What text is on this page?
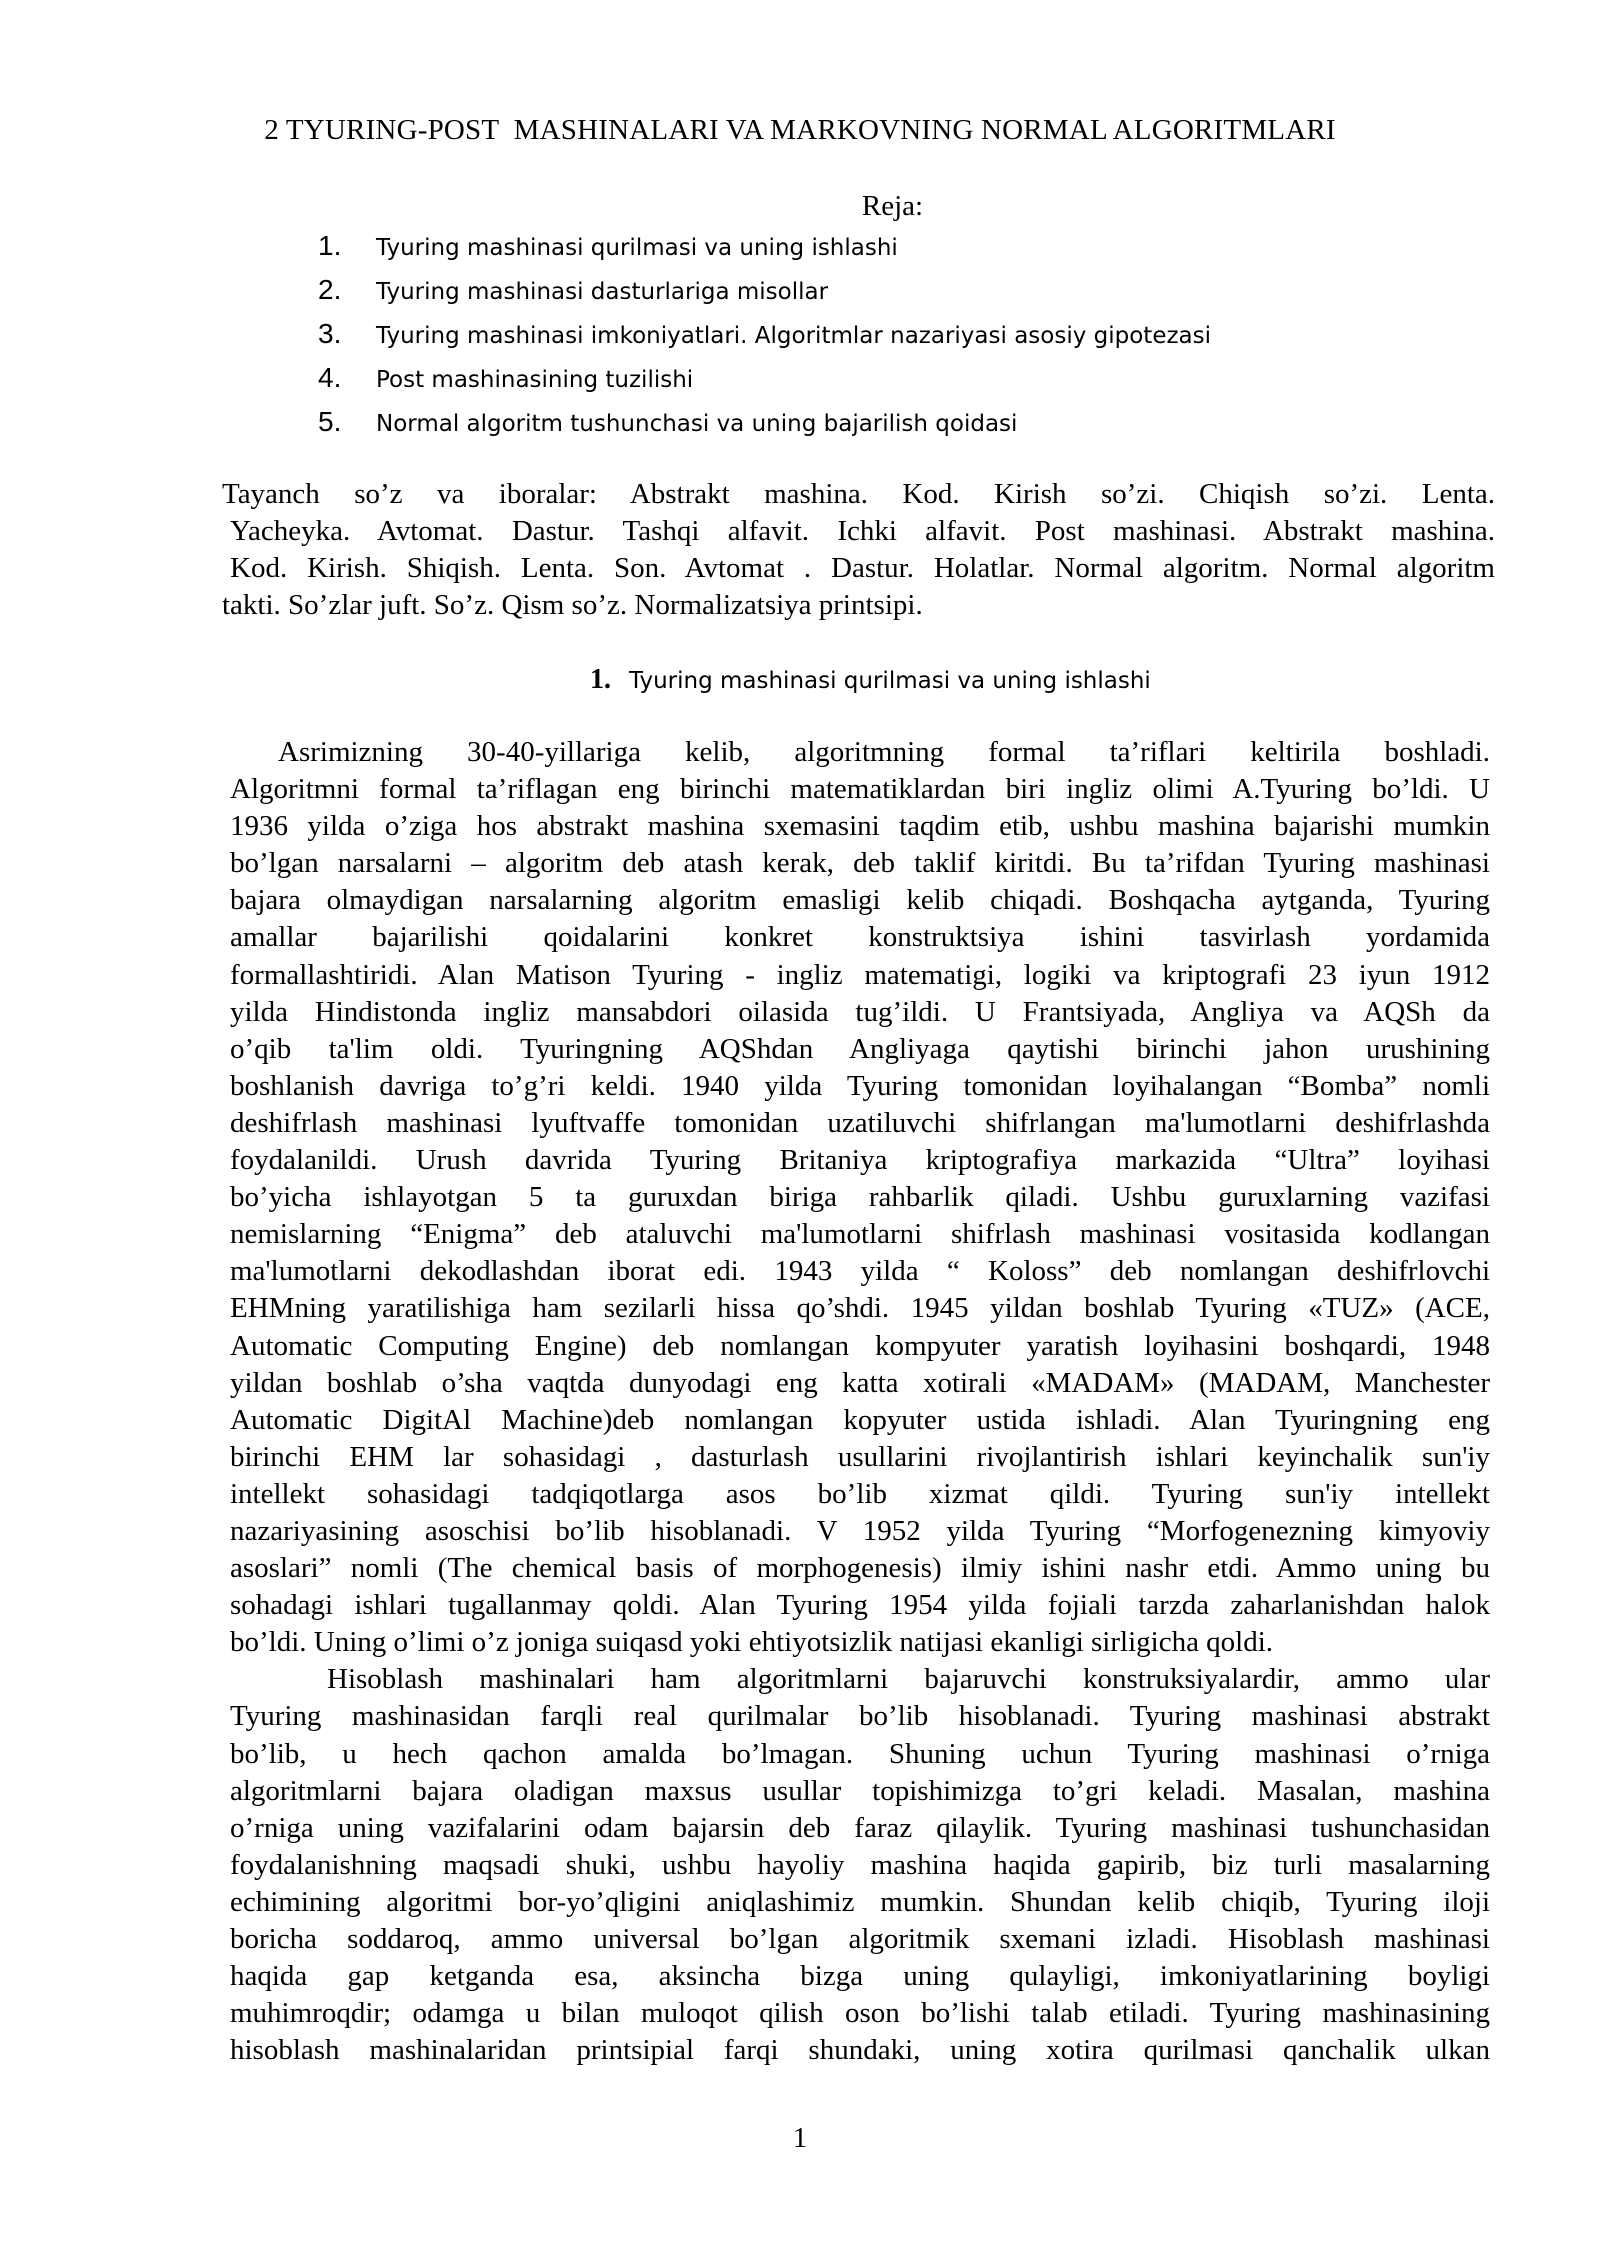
2 TYURING-POST  MASHINALARI VA MARKOVNING NORMAL ALGORITMLARI
Reja:
1. Tyuring mashinasi qurilmasi va uning ishlashi
2. Tyuring mashinasi dasturlariga misollar
3. Tyuring mashinasi imkoniyatlari. Algoritmlar nazariyasi asosiy gipotezasi
4. Post mashinasining tuzilishi
5. Normal algoritm tushunchasi va uning bajarilish qoidasi
Tayanch so’z va iboralar: Abstrakt mashina. Kod. Kirish so’zi. Chiqish so’zi. Lenta.
Yacheyka. Avtomat. Dastur. Tashqi alfavit. Ichki alfavit. Post mashinasi. Abstrakt mashina.
Kod. Kirish. Shiqish. Lenta. Son. Avtomat . Dastur. Holatlar. Normal algoritm. Normal algoritm
takti. So’zlar juft. So’z. Qism so’z. Normalizatsiya printsipi.
1. Tyuring mashinasi qurilmasi va uning ishlashi
Asrimizning 30-40-yillariga kelib, algoritmning formal ta’riflari keltirila boshladi.
Algoritmni formal ta’riflagan eng birinchi matematiklardan biri ingliz olimi A.Tyuring bo’ldi. U
1936 yilda o’ziga hos abstrakt mashina sxemasini taqdim etib, ushbu mashina bajarishi mumkin
bo’lgan narsalarni – algoritm deb atash kerak, deb taklif kiritdi. Bu ta’rifdan Tyuring mashinasi
bajara olmaydigan narsalarning algoritm emasligi kelib chiqadi. Boshqacha aytganda, Tyuring
amallar bajarilishi qoidalarini konkret konstruktsiya ishini tasvirlash yordamida
formallashtiridi. Alan Matison Tyuring - ingliz matematigi, logiki va kriptografi 23 iyun 1912
yilda Hindistonda ingliz mansabdori oilasida tug’ildi. U Frantsiyada, Angliya va AQSh da
o’qib ta'lim oldi. Tyuringning AQShdan Angliyaga qaytishi birinchi jahon urushining
boshlanish davriga to’g’ri keldi. 1940 yilda Tyuring tomonidan loyihalangan “Bomba” nomli
deshifrlash mashinasi lyuftvaffe tomonidan uzatiluvchi shifrlangan ma'lumotlarni deshifrlashda
foydalanildi. Urush davrida Tyuring Britaniya kriptografiya markazida “Ultra” loyihasi
bo’yicha ishlayotgan 5 ta guruxdan biriga rahbarlik qiladi. Ushbu guruxlarning vazifasi
nemislarning “Enigma” deb ataluvchi ma'lumotlarni shifrlash mashinasi vositasida kodlangan
ma'lumotlarni dekodlashdan iborat edi. 1943 yilda “ Koloss” deb nomlangan deshifrlovchi
EHMning yaratilishiga ham sezilarli hissa qo’shdi. 1945 yildan boshlab Tyuring «TUZ» (ACE,
Automatic Computing Engine) deb nomlangan kompyuter yaratish loyihasini boshqardi, 1948
yildan boshlab o’sha vaqtda dunyodagi eng katta xotirali «MADAM» (MADAM, Manchester
Automatic DigitAl Machine)deb nomlangan kopyuter ustida ishladi. Alan Tyuringning eng
birinchi EHM lar sohasidagi , dasturlash usullarini rivojlantirish ishlari keyinchalik sun'iy
intellekt sohasidagi tadqiqotlarga asos bo’lib xizmat qildi. Tyuring sun'iy intellekt
nazariyasining asoschisi bo’lib hisoblanadi. V 1952 yilda Tyuring “Morfogenezning kimyoviy
asoslari” nomli (The chemical basis of morphogenesis) ilmiy ishini nashr etdi. Ammo uning bu
sohadagi ishlari tugallanmay qoldi. Alan Tyuring 1954 yilda fojiali tarzda zaharlanishdan halok
bo’ldi. Uning o’limi o’z joniga suiqasd yoki ehtiyotsizlik natijasi ekanligi sirligicha qoldi.
Hisoblash mashinalari ham algoritmlarni bajaruvchi konstruksiyalardir, ammo ular
Tyuring mashinasidan farqli real qurilmalar bo’lib hisoblanadi. Tyuring mashinasi abstrakt
bo’lib, u hech qachon amalda bo’lmagan. Shuning uchun Tyuring mashinasi o’rniga
algoritmlarni bajara oladigan maxsus usullar topishimizga to’gri keladi. Masalan, mashina
o’rniga uning vazifalarini odam bajarsin deb faraz qilaylik. Tyuring mashinasi tushunchasidan
foydalanishning maqsadi shuki, ushbu hayoliy mashina haqida gapirib, biz turli masalarning
echimining algoritmi bor-yo’qligini aniqlashimiz mumkin. Shundan kelib chiqib, Tyuring iloji
boricha soddaroq, ammo universal bo’lgan algoritmik sxemani izladi. Hisoblash mashinasi
haqida gap ketganda esa, aksincha bizga uning qulayligi, imkoniyatlarining boyligi
muhimroqdir; odamga u bilan muloqot qilish oson bo’lishi talab etiladi. Tyuring mashinasining
hisoblash mashinalaridan printsipial farqi shundaki, uning xotira qurilmasi qanchalik ulkan
1
